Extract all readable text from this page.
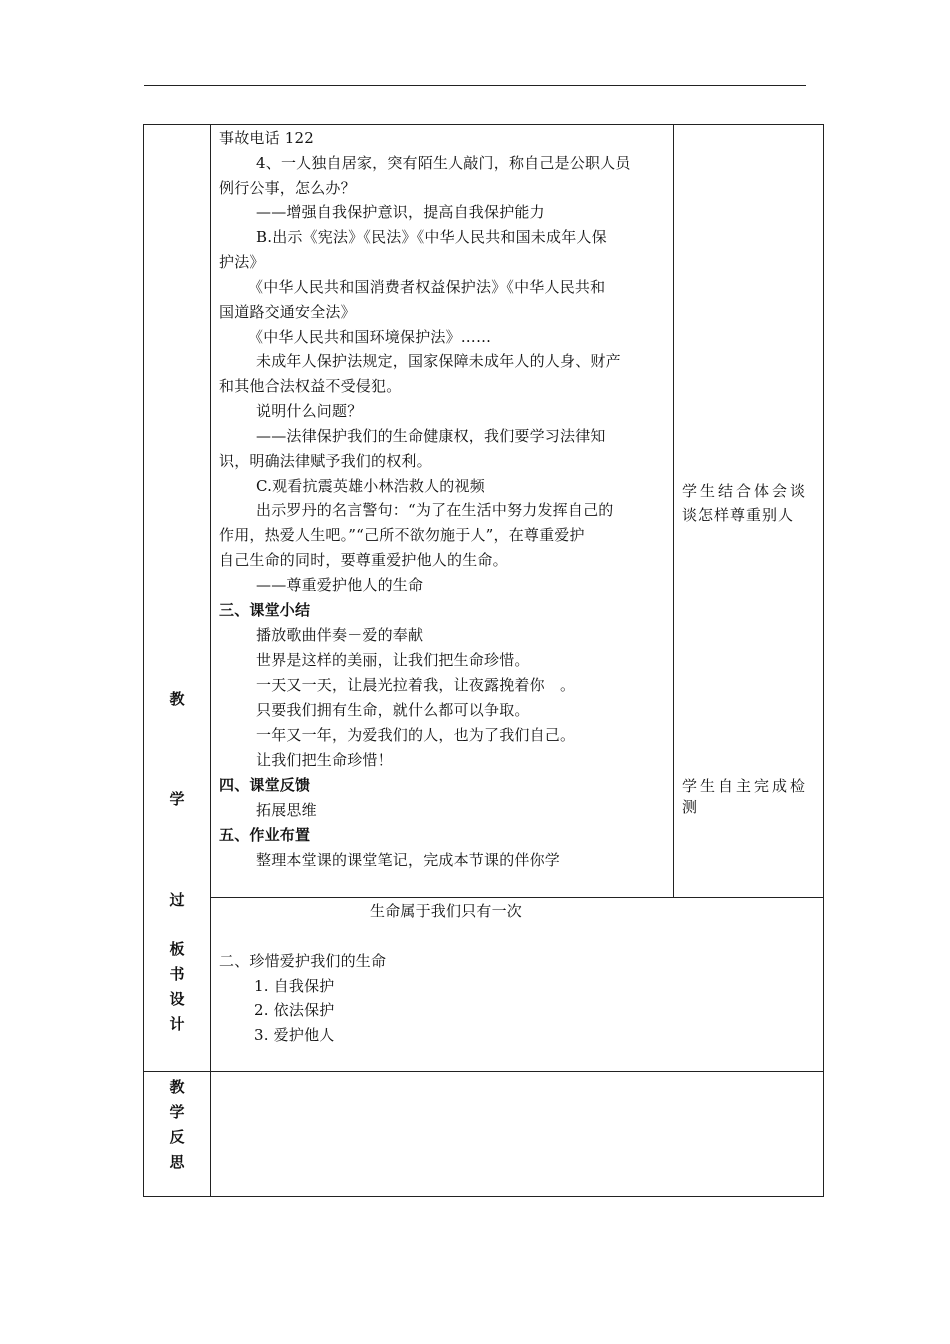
教
学
过
板
书
设
计
教
学
反
思
事故电话 122
4、一人独自居家，突有陌生人敲门，称自己是公职人员
例行公事，怎么办？
——增强自我保护意识，提高自我保护能力
B.出示《宪法》《民法》《中华人民共和国未成年人保
护法》
《中华人民共和国消费者权益保护法》《中华人民共和
国道路交通安全法》
《中华人民共和国环境保护法》……
未成年人保护法规定，国家保障未成年人的人身、财产
和其他合法权益不受侵犯。
说明什么问题？
——法律保护我们的生命健康权，我们要学习法律知
识，明确法律赋予我们的权利。
C.观看抗震英雄小林浩救人的视频
出示罗丹的名言警句：“为了在生活中努力发挥自己的
作用，热爱人生吧。”“己所不欲勿施于人”，在尊重爱护
自己生命的同时，要尊重爱护他人的生命。
——尊重爱护他人的生命
三、课堂小结
播放歌曲伴奏－爱的奉献
世界是这样的美丽，让我们把生命珍惜。
一天又一天，让晨光拉着我，让夜露挽着你　。
只要我们拥有生命，就什么都可以争取。
一年又一年，为爱我们的人，也为了我们自己。
让我们把生命珍惜！
四、课堂反馈
拓展思维
五、作业布置
整理本堂课的课堂笔记，完成本节课的伴你学
学生结合体会谈
谈怎样尊重别人
学生自主完成检
测
生命属于我们只有一次
二、珍惜爱护我们的生命
1. 自我保护
2. 依法保护
3. 爱护他人
